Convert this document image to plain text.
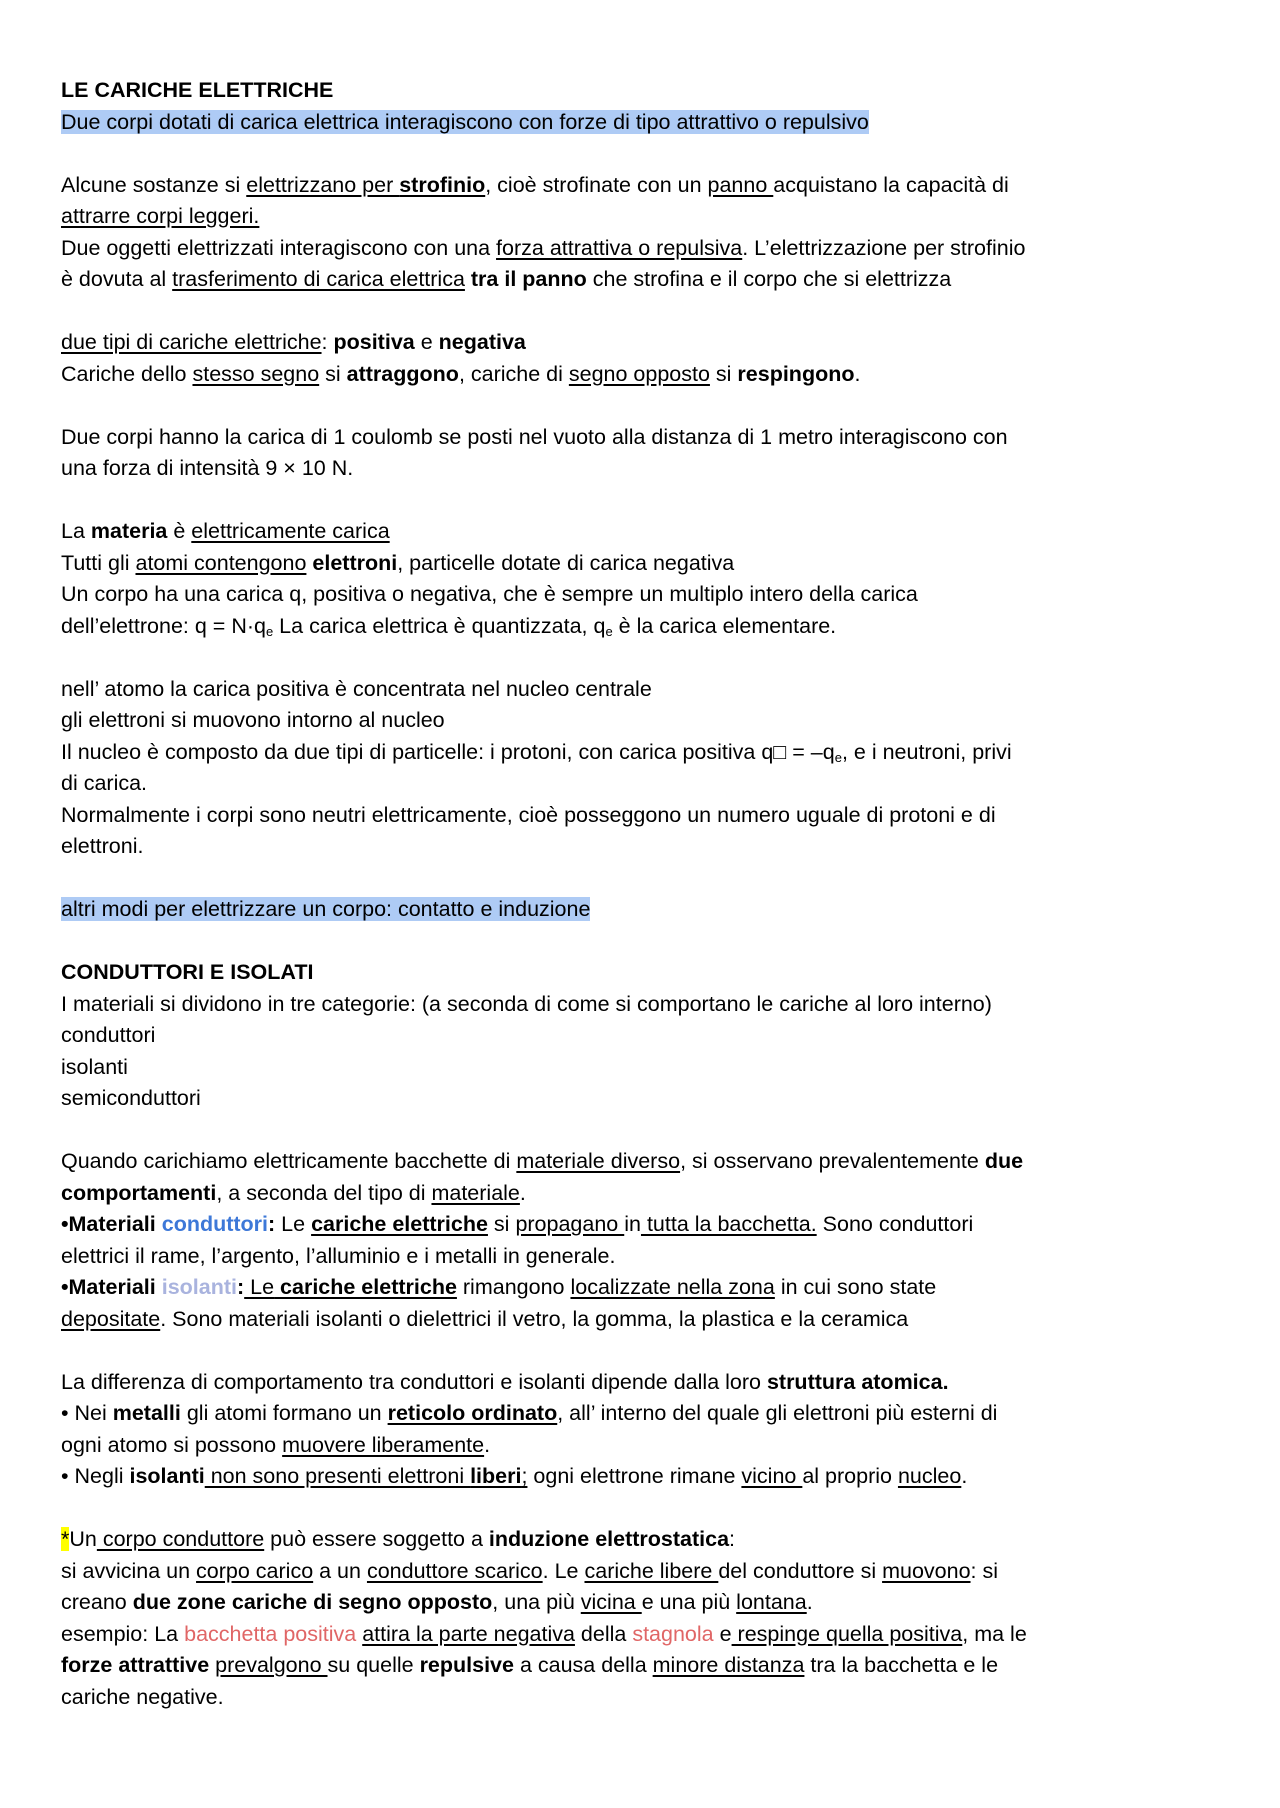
LE CARICHE ELETTRICHE

Due corpi dotati di carica elettrica interagiscono con forze di tipo attrattivo o repulsivo

Alcune sostanze si elettrizzano per strofinio, cioè strofinate con un panno acquistano la capacità di
attrarre corpi leggeri.
Due oggetti elettrizzati interagiscono con una forza attrattiva o repulsiva. L’elettrizzazione per strofinio
è dovuta al trasferimento di carica elettrica tra il panno che strofina e il corpo che si elettrizza

due tipi di cariche elettriche: positiva e negativa
Cariche dello stesso segno si attraggono, cariche di segno opposto si respingono.

Due corpi hanno la carica di 1 coulomb se posti nel vuoto alla distanza di 1 metro interagiscono con
una forza di intensità 9 × 10 N.

La materia è elettricamente carica
Tutti gli atomi contengono elettroni, particelle dotate di carica negativa
Un corpo ha una carica q, positiva o negativa, che è sempre un multiplo intero della carica
dell’elettrone: $q = N\cdot q_e$ La carica elettrica è quantizzata, $q_e$ è la carica elementare.

nell’ atomo la carica positiva è concentrata nel nucleo centrale
gli elettroni si muovono intorno al nucleo
Il nucleo è composto da due tipi di particelle: i protoni, con carica positiva q□ = $-q_e$, e i neutroni, privi
di carica.
Normalmente i corpi sono neutri elettricamente, cioè posseggono un numero uguale di protoni e di
elettroni.

altri modi per elettrizzare un corpo: contatto e induzione

CONDUTTORI E ISOLATI

I materiali si dividono in tre categorie: (a seconda di come si comportano le cariche al loro interno)

conduttori

isolanti

semiconduttori

Quando carichiamo elettricamente bacchette di materiale diverso, si osservano prevalentemente due
comportamenti, a seconda del tipo di materiale.

•Materiali conduttori: Le cariche elettriche si propagano in tutta la bacchetta. Sono conduttori
elettrici il rame, l’argento, l’alluminio e i metalli in generale.

•Materiali isolanti: Le cariche elettriche rimangono localizzate nella zona in cui sono state
depositate. Sono materiali isolanti o dielettrici il vetro, la gomma, la plastica e la ceramica

La differenza di comportamento tra conduttori e isolanti dipende dalla loro struttura atomica.
• Nei metalli gli atomi formano un reticolo ordinato, all’ interno del quale gli elettroni più esterni di
ogni atomo si possono muovere liberamente.
• Negli isolanti non sono presenti elettroni liberi; ogni elettrone rimane vicino al proprio nucleo.

*Un corpo conduttore può essere soggetto a induzione elettrostatica:
si avvicina un corpo carico a un conduttore scarico. Le cariche libere del conduttore si muovono: si
creano due zone cariche di segno opposto, una più vicina e una più lontana.
esempio: La bacchetta positiva attira la parte negativa della stagnola e respinge quella positiva, ma le
forze attrattive prevalgono su quelle repulsive a causa della minore distanza tra la bacchetta e le
cariche negative.
